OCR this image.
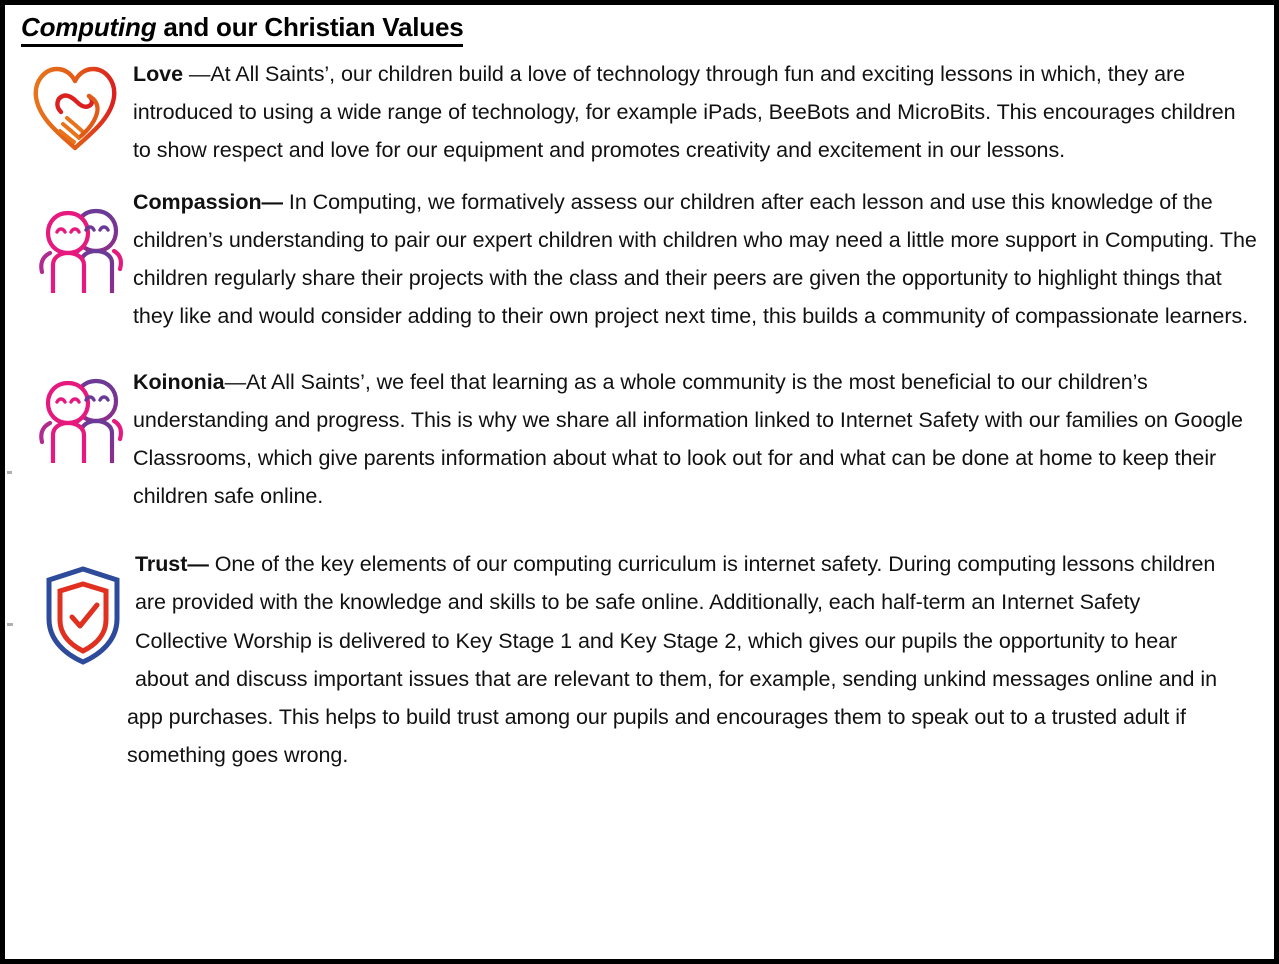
Computing and our Christian Values
Love —At All Saints’, our children build a love of technology through fun and exciting lessons in which, they are introduced to using a wide range of technology, for example iPads, BeeBots and MicroBits. This encourages children to show respect and love for our equipment and promotes creativity and excitement in our lessons.
Compassion— In Computing, we formatively assess our children after each lesson and use this knowledge of the children’s understanding to pair our expert children with children who may need a little more support in Computing. The children regularly share their projects with the class and their peers are given the opportunity to highlight things that they like and would consider adding to their own project next time, this builds a community of compassionate learners.
Koinonia—At All Saints’, we feel that learning as a whole community is the most beneficial to our children’s understanding and progress. This is why we share all information linked to Internet Safety with our families on Google Classrooms, which give parents information about what to look out for and what can be done at home to keep their children safe online.
Trust— One of the key elements of our computing curriculum is internet safety. During computing lessons children are provided with the knowledge and skills to be safe online. Additionally, each half-term an Internet Safety Collective Worship is delivered to Key Stage 1 and Key Stage 2, which gives our pupils the opportunity to hear about and discuss important issues that are relevant to them, for example, sending unkind messages online and in app purchases. This helps to build trust among our pupils and encourages them to speak out to a trusted adult if something goes wrong.
